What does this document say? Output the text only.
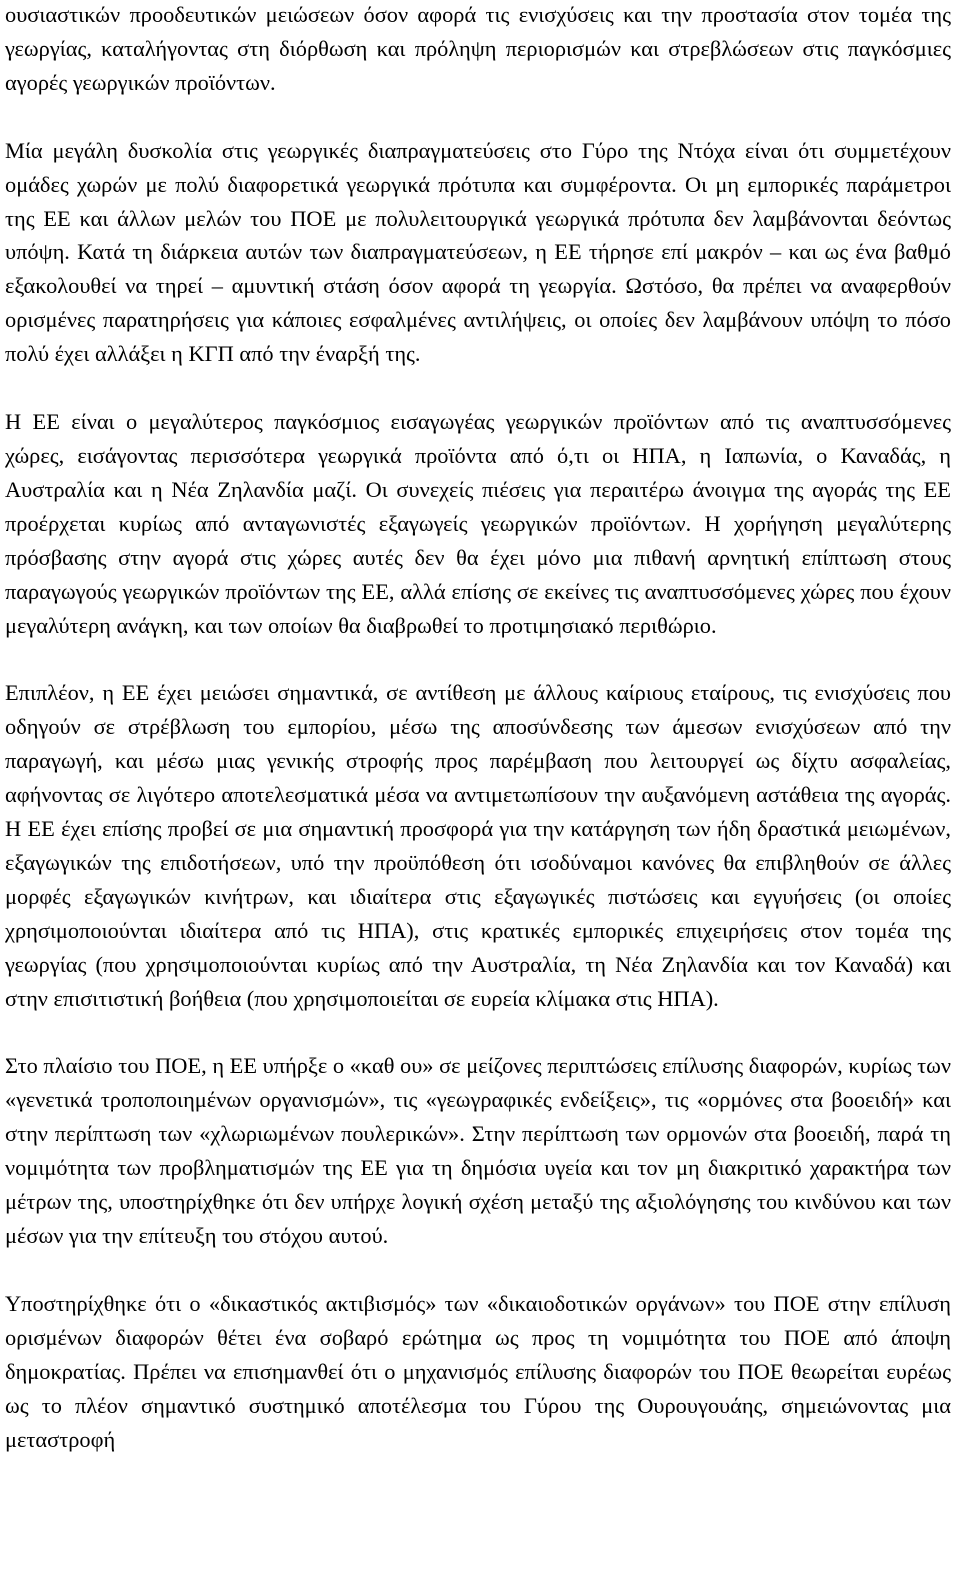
ουσιαστικών προοδευτικών μειώσεων όσον αφορά τις ενισχύσεις και την προστασία στον τομέα της γεωργίας, καταλήγοντας στη διόρθωση και πρόληψη περιορισμών και στρεβλώσεων στις παγκόσμιες αγορές γεωργικών προϊόντων.

Μία μεγάλη δυσκολία στις γεωργικές διαπραγματεύσεις στο Γύρο της Ντόχα είναι ότι συμμετέχουν ομάδες χωρών με πολύ διαφορετικά γεωργικά πρότυπα και συμφέροντα. Οι μη εμπορικές παράμετροι της ΕΕ και άλλων μελών του ΠΟΕ με πολυλειτουργικά γεωργικά πρότυπα δεν λαμβάνονται δεόντως υπόψη. Κατά τη διάρκεια αυτών των διαπραγματεύσεων, η ΕΕ τήρησε επί μακρόν – και ως ένα βαθμό εξακολουθεί να τηρεί – αμυντική στάση όσον αφορά τη γεωργία. Ωστόσο, θα πρέπει να αναφερθούν ορισμένες παρατηρήσεις για κάποιες εσφαλμένες αντιλήψεις, οι οποίες δεν λαμβάνουν υπόψη το πόσο πολύ έχει αλλάξει η ΚΓΠ από την έναρξή της.

Η ΕΕ είναι ο μεγαλύτερος παγκόσμιος εισαγωγέας γεωργικών προϊόντων από τις αναπτυσσόμενες χώρες, εισάγοντας περισσότερα γεωργικά προϊόντα από ό,τι οι ΗΠΑ, η Ιαπωνία, ο Καναδάς, η Αυστραλία και η Νέα Ζηλανδία μαζί. Οι συνεχείς πιέσεις για περαιτέρω άνοιγμα της αγοράς της ΕΕ προέρχεται κυρίως από ανταγωνιστές εξαγωγείς γεωργικών προϊόντων. Η χορήγηση μεγαλύτερης πρόσβασης στην αγορά στις χώρες αυτές δεν θα έχει μόνο μια πιθανή αρνητική επίπτωση στους παραγωγούς γεωργικών προϊόντων της ΕΕ, αλλά επίσης σε εκείνες τις αναπτυσσόμενες χώρες που έχουν μεγαλύτερη ανάγκη, και των οποίων θα διαβρωθεί το προτιμησιακό περιθώριο.

Επιπλέον, η ΕΕ έχει μειώσει σημαντικά, σε αντίθεση με άλλους καίριους εταίρους, τις ενισχύσεις που οδηγούν σε στρέβλωση του εμπορίου, μέσω της αποσύνδεσης των άμεσων ενισχύσεων από την παραγωγή, και μέσω μιας γενικής στροφής προς παρέμβαση που λειτουργεί ως δίχτυ ασφαλείας, αφήνοντας σε λιγότερο αποτελεσματικά μέσα να αντιμετωπίσουν την αυξανόμενη αστάθεια της αγοράς. Η ΕΕ έχει επίσης προβεί σε μια σημαντική προσφορά για την κατάργηση των ήδη δραστικά μειωμένων, εξαγωγικών της επιδοτήσεων, υπό την προϋπόθεση ότι ισοδύναμοι κανόνες θα επιβληθούν σε άλλες μορφές εξαγωγικών κινήτρων, και ιδιαίτερα στις εξαγωγικές πιστώσεις και εγγυήσεις (οι οποίες χρησιμοποιούνται ιδιαίτερα από τις ΗΠΑ), στις κρατικές εμπορικές επιχειρήσεις στον τομέα της γεωργίας (που χρησιμοποιούνται κυρίως από την Αυστραλία, τη Νέα Ζηλανδία και τον Καναδά) και στην επισιτιστική βοήθεια (που χρησιμοποιείται σε ευρεία κλίμακα στις ΗΠΑ).

Στο πλαίσιο του ΠΟΕ, η ΕΕ υπήρξε ο «καθ ου» σε μείζονες περιπτώσεις επίλυσης διαφορών, κυρίως των «γενετικά τροποποιημένων οργανισμών», τις «γεωγραφικές ενδείξεις», τις «ορμόνες στα βοοειδή» και στην περίπτωση των «χλωριωμένων πουλερικών». Στην περίπτωση των ορμονών στα βοοειδή, παρά τη νομιμότητα των προβληματισμών της ΕΕ για τη δημόσια υγεία και τον μη διακριτικό χαρακτήρα των μέτρων της, υποστηρίχθηκε ότι δεν υπήρχε λογική σχέση μεταξύ της αξιολόγησης του κινδύνου και των μέσων για την επίτευξη του στόχου αυτού.

Υποστηρίχθηκε ότι ο «δικαστικός ακτιβισμός» των «δικαιοδοτικών οργάνων» του ΠΟΕ στην επίλυση ορισμένων διαφορών θέτει ένα σοβαρό ερώτημα ως προς τη νομιμότητα του ΠΟΕ από άποψη δημοκρατίας. Πρέπει να επισημανθεί ότι ο μηχανισμός επίλυσης διαφορών του ΠΟΕ θεωρείται ευρέως ως το πλέον σημαντικό συστημικό αποτέλεσμα του Γύρου της Ουρουγουάης, σημειώνοντας μια μεταστροφή
